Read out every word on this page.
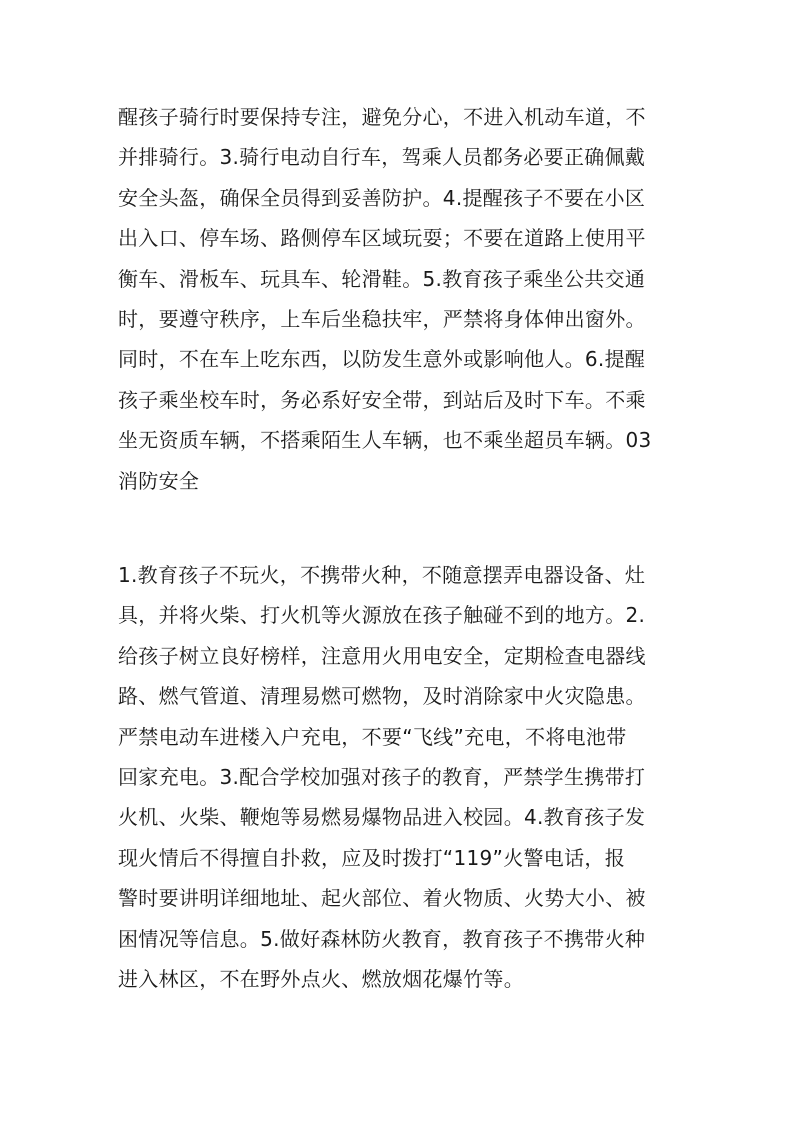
醒孩子骑行时要保持专注，避免分心，不进入机动车道，不
并排骑行。3.骑行电动自行车，驾乘人员都务必要正确佩戴
安全头盔，确保全员得到妥善防护。4.提醒孩子不要在小区
出入口、停车场、路侧停车区域玩耍；不要在道路上使用平
衡车、滑板车、玩具车、轮滑鞋。5.教育孩子乘坐公共交通
时，要遵守秩序，上车后坐稳扶牢，严禁将身体伸出窗外。
同时，不在车上吃东西，以防发生意外或影响他人。6.提醒
孩子乘坐校车时，务必系好安全带，到站后及时下车。不乘
坐无资质车辆，不搭乘陌生人车辆，也不乘坐超员车辆。03
消防安全
1.教育孩子不玩火，不携带火种，不随意摆弄电器设备、灶
具，并将火柴、打火机等火源放在孩子触碰不到的地方。2.
给孩子树立良好榜样，注意用火用电安全，定期检查电器线
路、燃气管道、清理易燃可燃物，及时消除家中火灾隐患。
严禁电动车进楼入户充电，不要“飞线”充电，不将电池带
回家充电。3.配合学校加强对孩子的教育，严禁学生携带打
火机、火柴、鞭炮等易燃易爆物品进入校园。4.教育孩子发
现火情后不得擅自扑救，应及时拨打“119”火警电话，报
警时要讲明详细地址、起火部位、着火物质、火势大小、被
困情况等信息。5.做好森林防火教育，教育孩子不携带火种
进入林区，不在野外点火、燃放烟花爆竹等。
